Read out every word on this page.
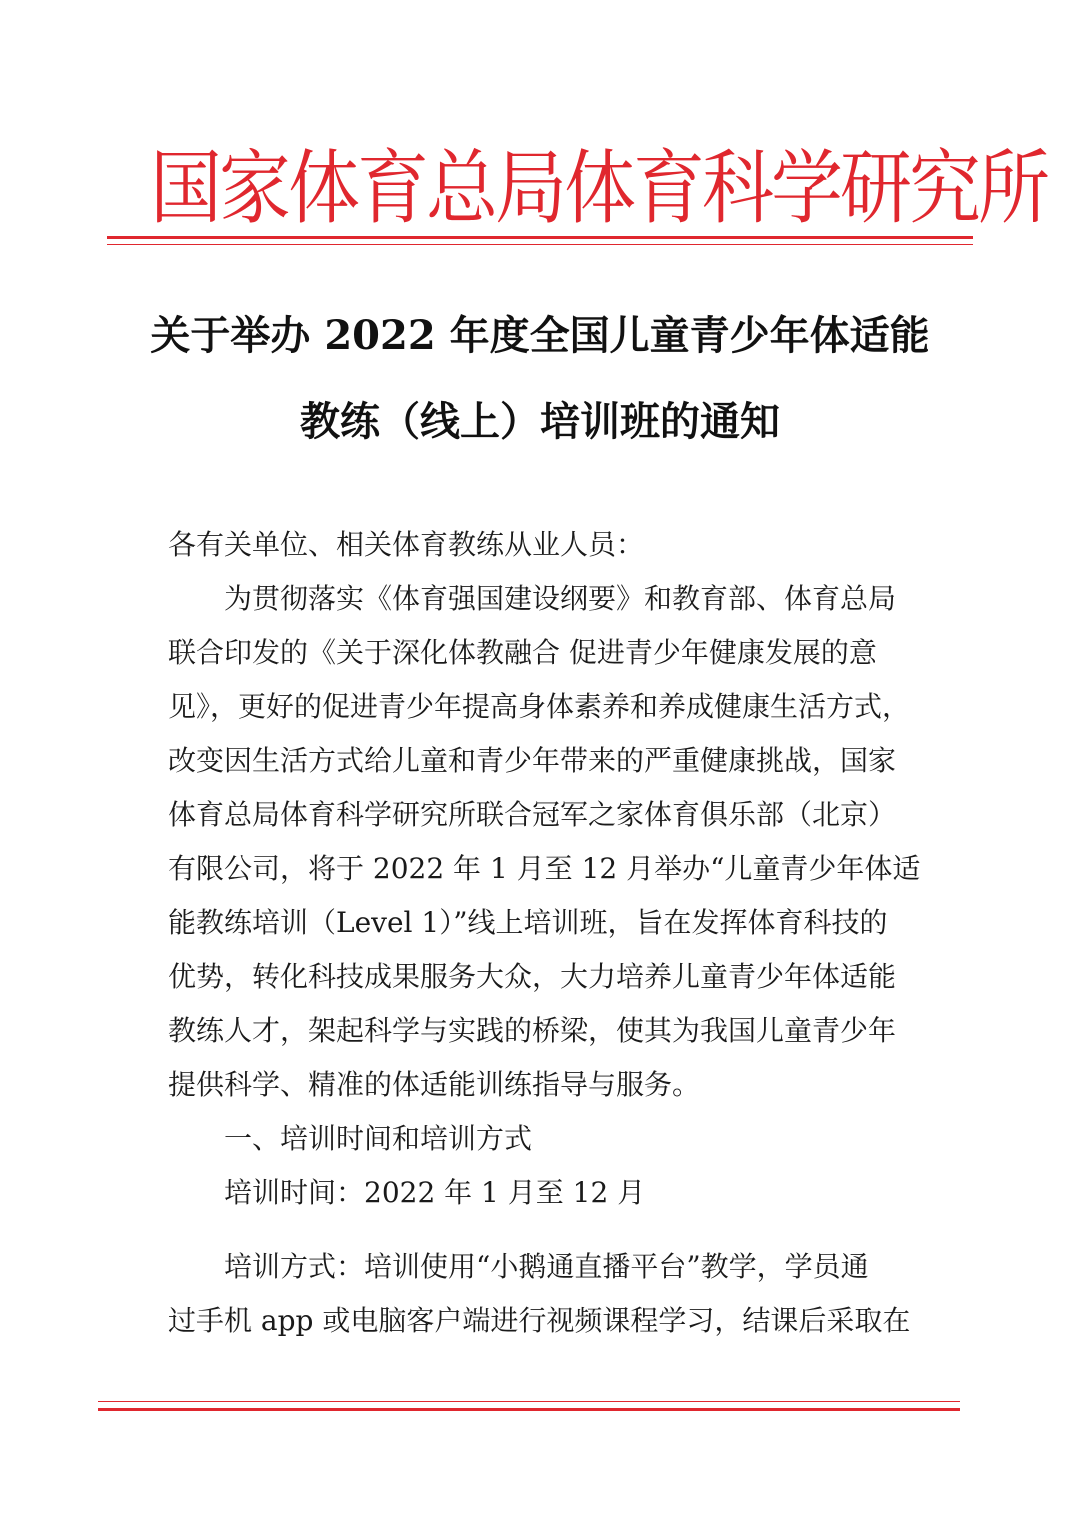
国家体育总局体育科学研究所
关于举办 2022 年度全国儿童青少年体适能
教练（线上）培训班的通知
各有关单位、相关体育教练从业人员：
为贯彻落实《体育强国建设纲要》和教育部、体育总局
联合印发的《关于深化体教融合 促进青少年健康发展的意
见》，更好的促进青少年提高身体素养和养成健康生活方式，
改变因生活方式给儿童和青少年带来的严重健康挑战，国家
体育总局体育科学研究所联合冠军之家体育俱乐部（北京）
有限公司，将于 2022 年 1 月至 12 月举办“儿童青少年体适
能教练培训（Level 1）”线上培训班，旨在发挥体育科技的
优势，转化科技成果服务大众，大力培养儿童青少年体适能
教练人才，架起科学与实践的桥梁，使其为我国儿童青少年
提供科学、精准的体适能训练指导与服务。
一、培训时间和培训方式
培训时间：2022 年 1 月至 12 月
培训方式：培训使用“小鹅通直播平台”教学，学员通
过手机 app 或电脑客户端进行视频课程学习，结课后采取在
